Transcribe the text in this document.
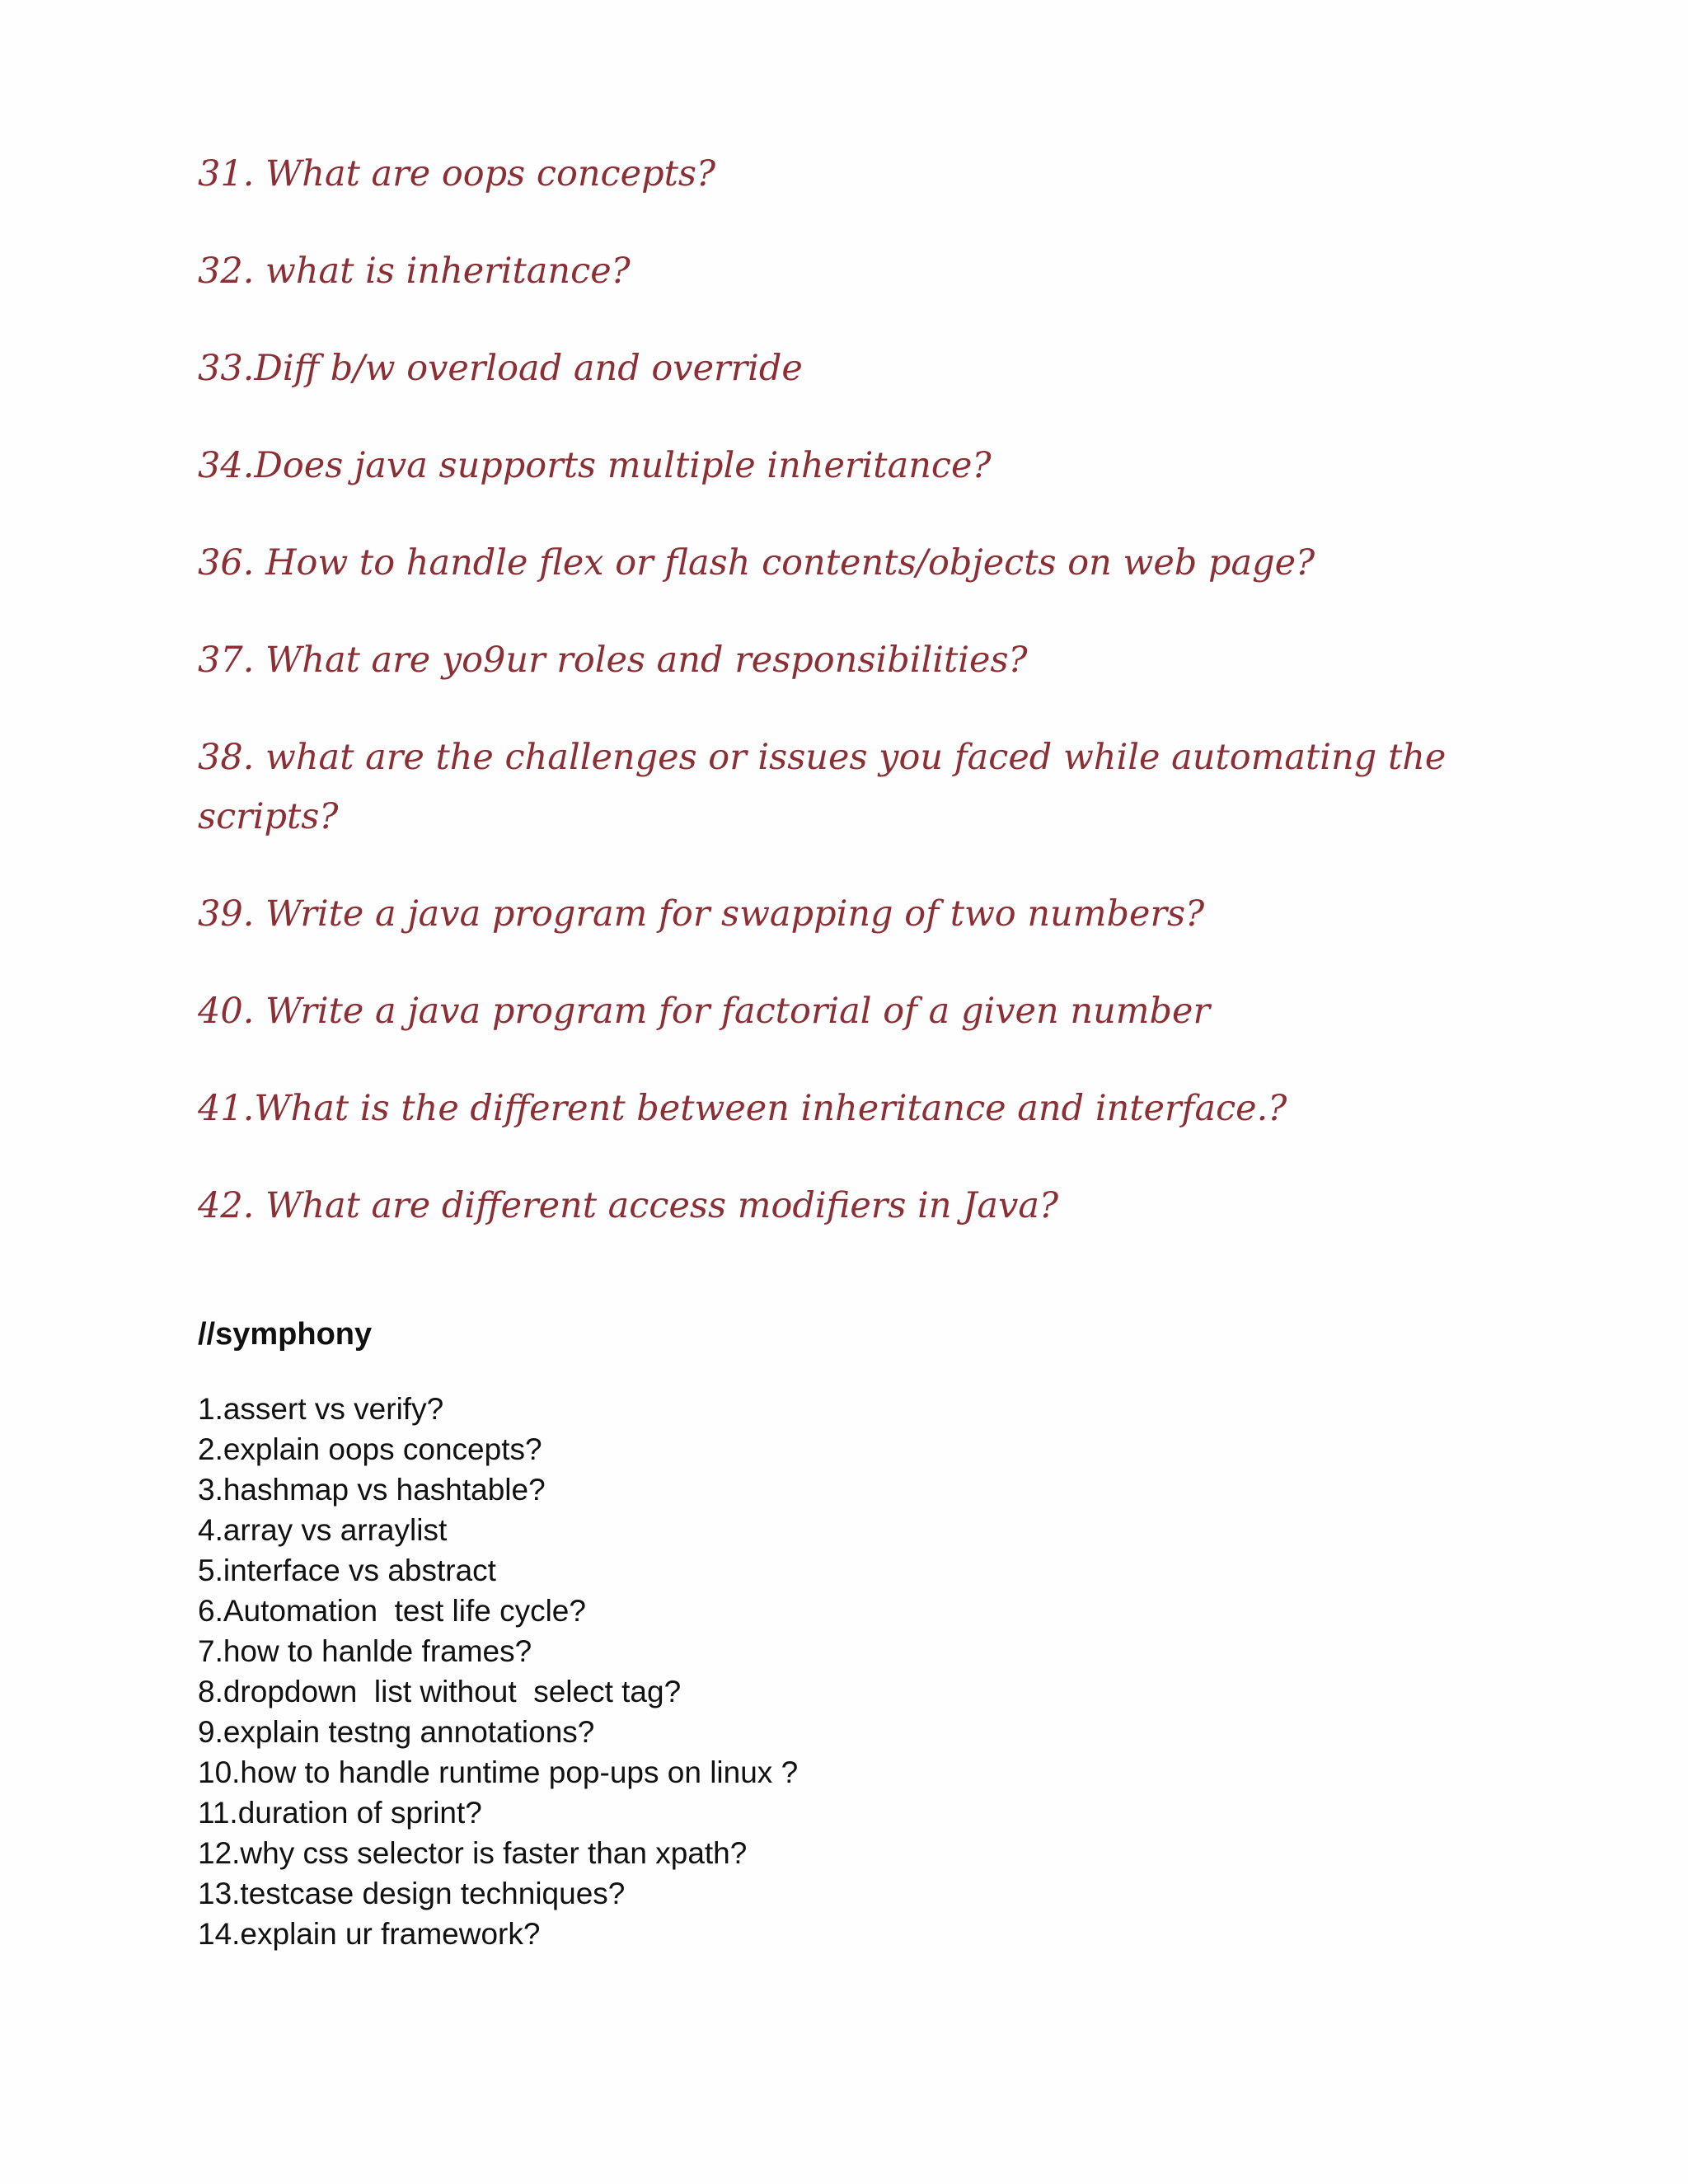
31. What are oops concepts?
32. what is inheritance?
33.Diff b/w overload and override
34.Does java supports multiple inheritance?
36. How to handle flex or flash contents/objects on web page?
37. What are yo9ur roles and responsibilities?
38. what are the challenges or issues you faced while automating the scripts?
39. Write a java program for swapping of two numbers?
40. Write a java program for factorial of a given number
41.What is the different between inheritance and interface.?
42. What are different access modifiers in Java?
//symphony
1.assert vs verify?
2.explain oops concepts?
3.hashmap vs hashtable?
4.array vs arraylist
5.interface vs abstract
6.Automation  test life cycle?
7.how to hanlde frames?
8.dropdown  list without  select tag?
9.explain testng annotations?
10.how to handle runtime pop-ups on linux ?
11.duration of sprint?
12.why css selector is faster than xpath?
13.testcase design techniques?
14.explain ur framework?
